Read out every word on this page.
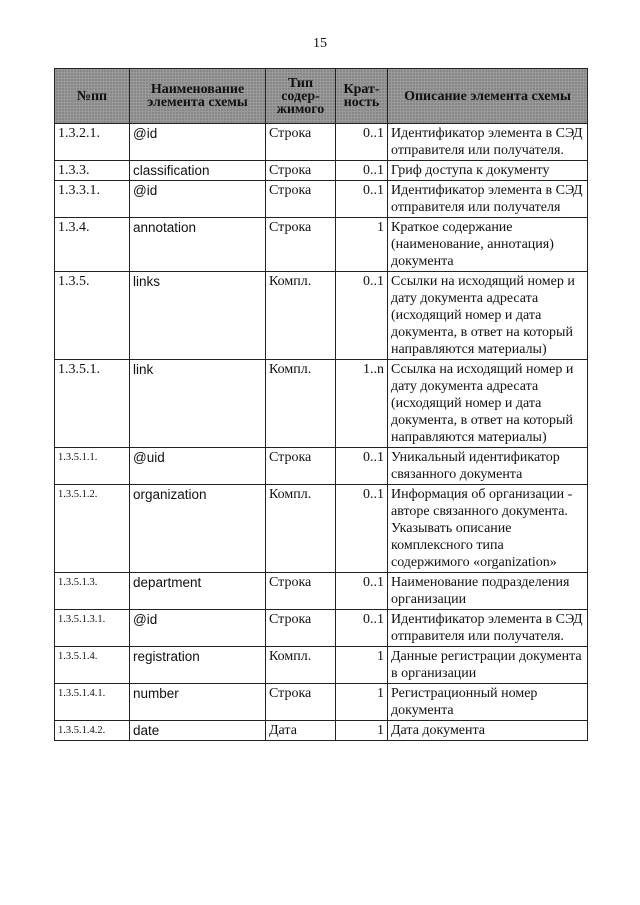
15
№пп	Наименование элемента схемы	Тип содер-жимого	Крат-ность	Описание элемента схемы
1.3.2.1.	@id	Строка	0..1	Идентификатор элемента в СЭД отправителя или получателя.
1.3.3.	classification	Строка	0..1	Гриф доступа к документу
1.3.3.1.	@id	Строка	0..1	Идентификатор элемента в СЭД отправителя или получателя
1.3.4.	annotation	Строка	1	Краткое содержание (наименование, аннотация) документа
1.3.5.	links	Компл.	0..1	Ссылки на исходящий номер и дату документа адресата (исходящий номер и дата документа, в ответ на который направляются материалы)
1.3.5.1.	link	Компл.	1..n	Ссылка на исходящий номер и дату документа адресата (исходящий номер и дата документа, в ответ на который направляются материалы)
1.3.5.1.1.	@uid	Строка	0..1	Уникальный идентификатор связанного документа
1.3.5.1.2.	organization	Компл.	0..1	Информация об организации - авторе связанного документа. Указывать описание комплексного типа содержимого «organization»
1.3.5.1.3.	department	Строка	0..1	Наименование подразделения организации
1.3.5.1.3.1.	@id	Строка	0..1	Идентификатор элемента в СЭД отправителя или получателя.
1.3.5.1.4.	registration	Компл.	1	Данные регистрации документа в организации
1.3.5.1.4.1.	number	Строка	1	Регистрационный номер документа
1.3.5.1.4.2.	date	Дата	1	Дата документа
